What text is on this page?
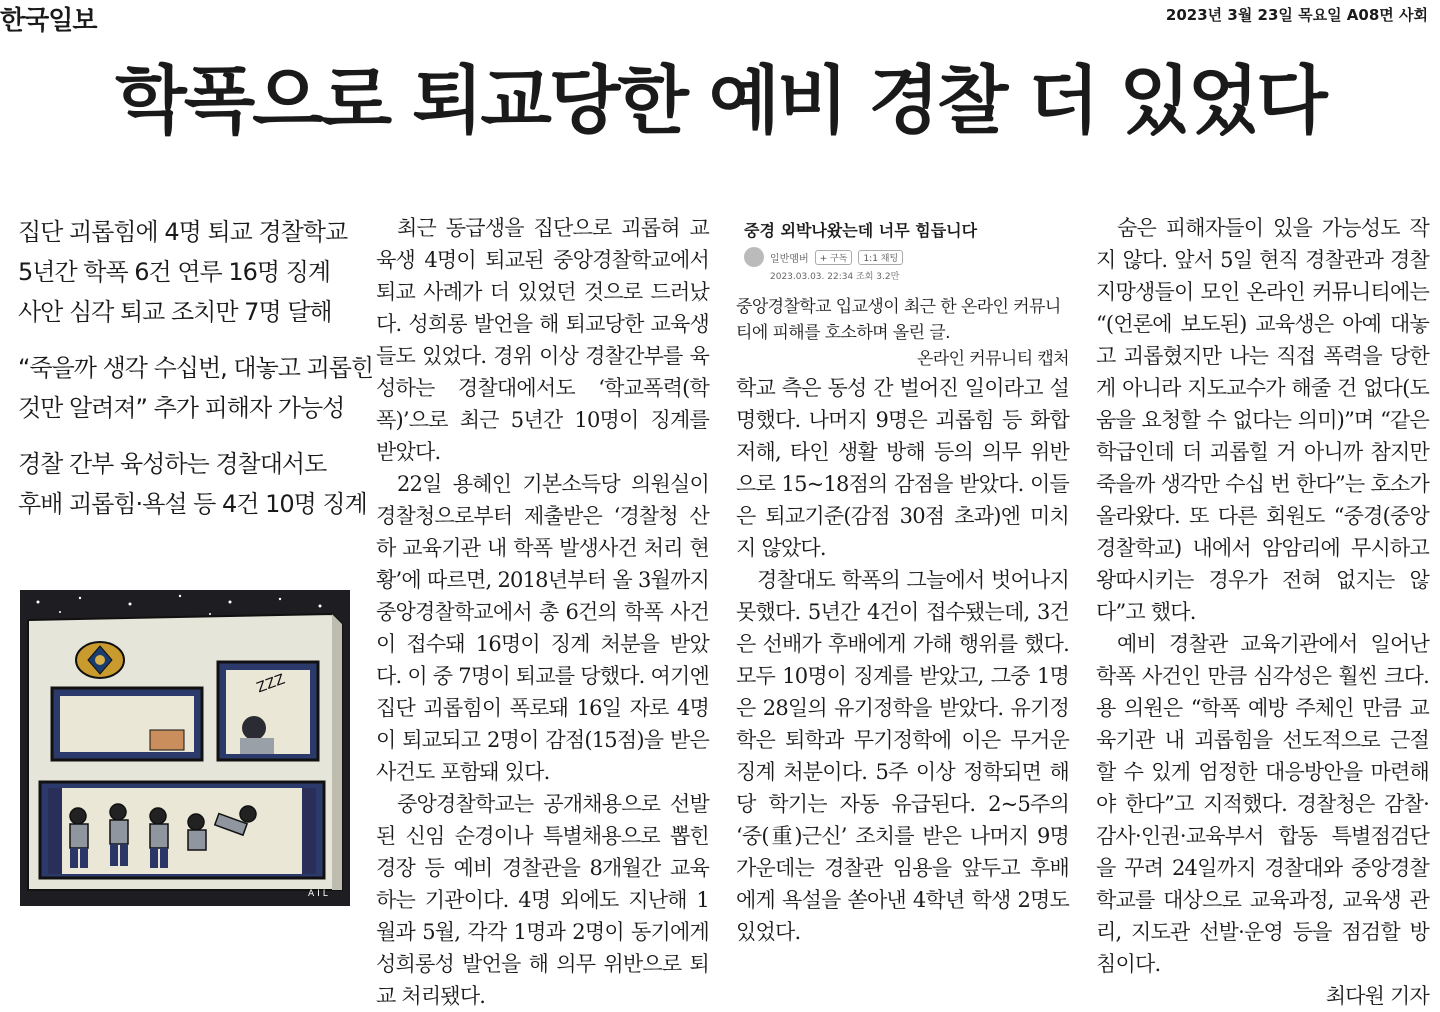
한국일보	2023년 3월 23일 목요일 A08면 사회
학폭으로 퇴교당한 예비 경찰 더 있었다

집단 괴롭힘에 4명 퇴교 경찰학교

5년간 학폭 6건 연루 16명 징계

사안 심각 퇴교 조치만 7명 달해

“죽을까 생각 수십번, 대놓고 괴롭힌

것만 알려져” 추가 피해자 가능성

경찰 간부 육성하는 경찰대서도

후배 괴롭힘·욕설 등 4건 10명 징계

ZZZ
AIL

최근 동급생을 집단으로 괴롭혀 교육생 4명이 퇴교된 중앙경찰학교에서 퇴교 사례가 더 있었던 것으로 드러났다. 성희롱 발언을 해 퇴교당한 교육생들도 있었다. 경위 이상 경찰간부를 육성하는 경찰대에서도 ‘학교폭력(학폭)’으로 최근 5년간 10명이 징계를 받았다.

22일 용혜인 기본소득당 의원실이 경찰청으로부터 제출받은 ‘경찰청 산하 교육기관 내 학폭 발생사건 처리 현황’에 따르면, 2018년부터 올 3월까지 중앙경찰학교에서 총 6건의 학폭 사건이 접수돼 16명이 징계 처분을 받았다. 이 중 7명이 퇴교를 당했다. 여기엔 집단 괴롭힘이 폭로돼 16일 자로 4명이 퇴교되고 2명이 감점(15점)을 받은 사건도 포함돼 있다.

중앙경찰학교는 공개채용으로 선발된 신임 순경이나 특별채용으로 뽑힌 경장 등 예비 경찰관을 8개월간 교육하는 기관이다. 4명 외에도 지난해 1월과 5월, 각각 1명과 2명이 동기에게 성희롱성 발언을 해 의무 위반으로 퇴교 처리됐다.

중경 외박나왔는데 너무 힘듭니다
일반멤버	+ 구독	1:1 채팅
2023.03.03. 22:34 조회 3.2만
중앙경찰학교 입교생이 최근 한 온라인 커뮤니티에 피해를 호소하며 올린 글.
온라인 커뮤니티 캡처

학교 측은 동성 간 벌어진 일이라고 설명했다. 나머지 9명은 괴롭힘 등 화합저해, 타인 생활 방해 등의 의무 위반으로 15~18점의 감점을 받았다. 이들은 퇴교기준(감점 30점 초과)엔 미치지 않았다.

경찰대도 학폭의 그늘에서 벗어나지 못했다. 5년간 4건이 접수됐는데, 3건은 선배가 후배에게 가해 행위를 했다. 모두 10명이 징계를 받았고, 그중 1명은 28일의 유기정학을 받았다. 유기정학은 퇴학과 무기정학에 이은 무거운 징계 처분이다. 5주 이상 정학되면 해당 학기는 자동 유급된다. 2~5주의 ‘중(重)근신’ 조치를 받은 나머지 9명 가운데는 경찰관 임용을 앞두고 후배에게 욕설을 쏟아낸 4학년 학생 2명도 있었다.

숨은 피해자들이 있을 가능성도 작지 않다. 앞서 5일 현직 경찰관과 경찰 지망생들이 모인 온라인 커뮤니티에는 “(언론에 보도된) 교육생은 아예 대놓고 괴롭혔지만 나는 직접 폭력을 당한 게 아니라 지도교수가 해줄 건 없다(도움을 요청할 수 없다는 의미)”며 “같은 학급인데 더 괴롭힐 거 아니까 참지만 죽을까 생각만 수십 번 한다”는 호소가 올라왔다. 또 다른 회원도 “중경(중앙경찰학교) 내에서 암암리에 무시하고 왕따시키는 경우가 전혀 없지는 않다”고 했다.

예비 경찰관 교육기관에서 일어난 학폭 사건인 만큼 심각성은 훨씬 크다. 용 의원은 “학폭 예방 주체인 만큼 교육기관 내 괴롭힘을 선도적으로 근절할 수 있게 엄정한 대응방안을 마련해야 한다”고 지적했다. 경찰청은 감찰·감사·인권·교육부서 합동 특별점검단을 꾸려 24일까지 경찰대와 중앙경찰학교를 대상으로 교육과정, 교육생 관리, 지도관 선발·운영 등을 점검할 방침이다.

최다원 기자
